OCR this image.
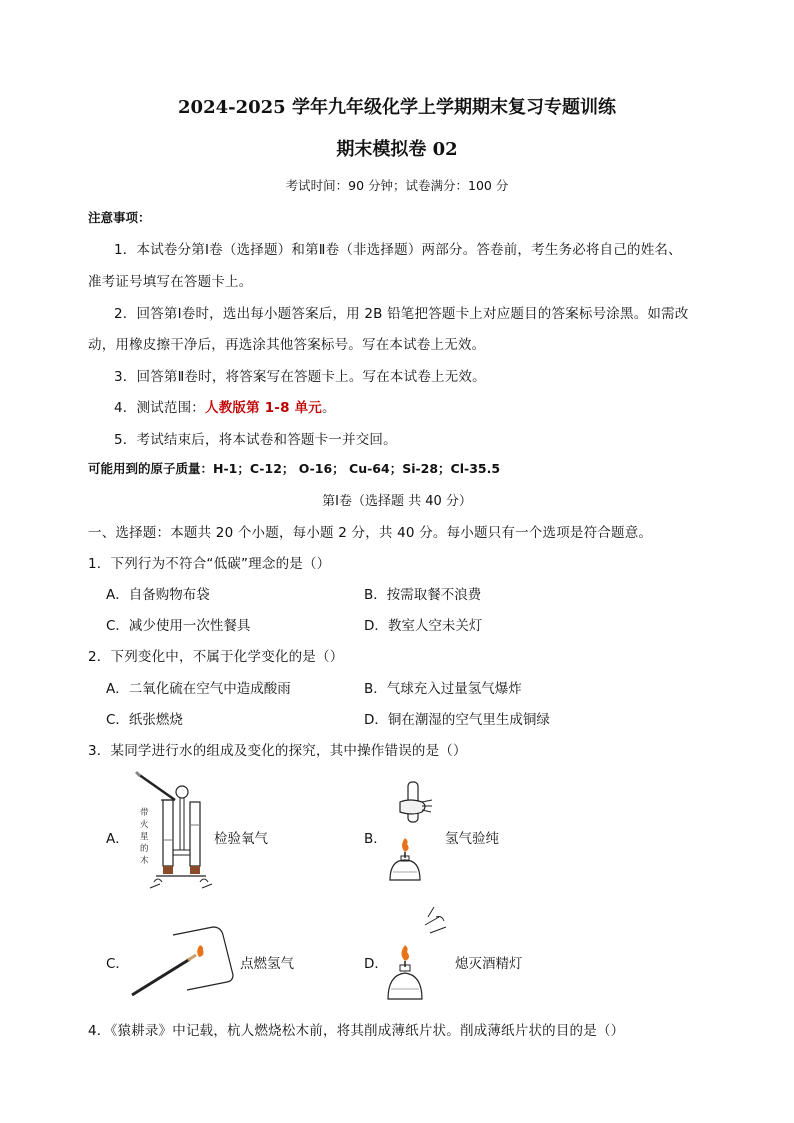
2024-2025 学年九年级化学上学期期末复习专题训练
期末模拟卷 02
考试时间：90 分钟；试卷满分：100 分
注意事项：
1．本试卷分第Ⅰ卷（选择题）和第Ⅱ卷（非选择题）两部分。答卷前，考生务必将自己的姓名、
准考证号填写在答题卡上。
2．回答第Ⅰ卷时，选出每小题答案后，用 2B 铅笔把答题卡上对应题目的答案标号涂黑。如需改
动，用橡皮擦干净后，再选涂其他答案标号。写在本试卷上无效。
3．回答第Ⅱ卷时，将答案写在答题卡上。写在本试卷上无效。
4．测试范围：人教版第 1-8 单元。
5．考试结束后，将本试卷和答题卡一并交回。
可能用到的原子质量：H-1；C-12； O-16； Cu-64；Si-28；Cl-35.5
第Ⅰ卷（选择题 共 40 分）
一、选择题：本题共 20 个小题，每小题 2 分，共 40 分。每小题只有一个选项是符合题意。
1．下列行为不符合“低碳”理念的是（）
A．自备购物布袋	B．按需取餐不浪费
C．减少使用一次性餐具	D．教室人空未关灯
2．下列变化中，不属于化学变化的是（）
A．二氧化硫在空气中造成酸雨	B．气球充入过量氢气爆炸
C．纸张燃烧	D．铜在潮湿的空气里生成铜绿
3．某同学进行水的组成及变化的探究，其中操作错误的是（）
A．
带
火
星
的
木
检验氧气	B．	氢气验纯
C．	点燃氢气	D．	熄灭酒精灯
4．《猿耕录》中记载，杭人燃烧松木前，将其削成薄纸片状。削成薄纸片状的目的是（）
